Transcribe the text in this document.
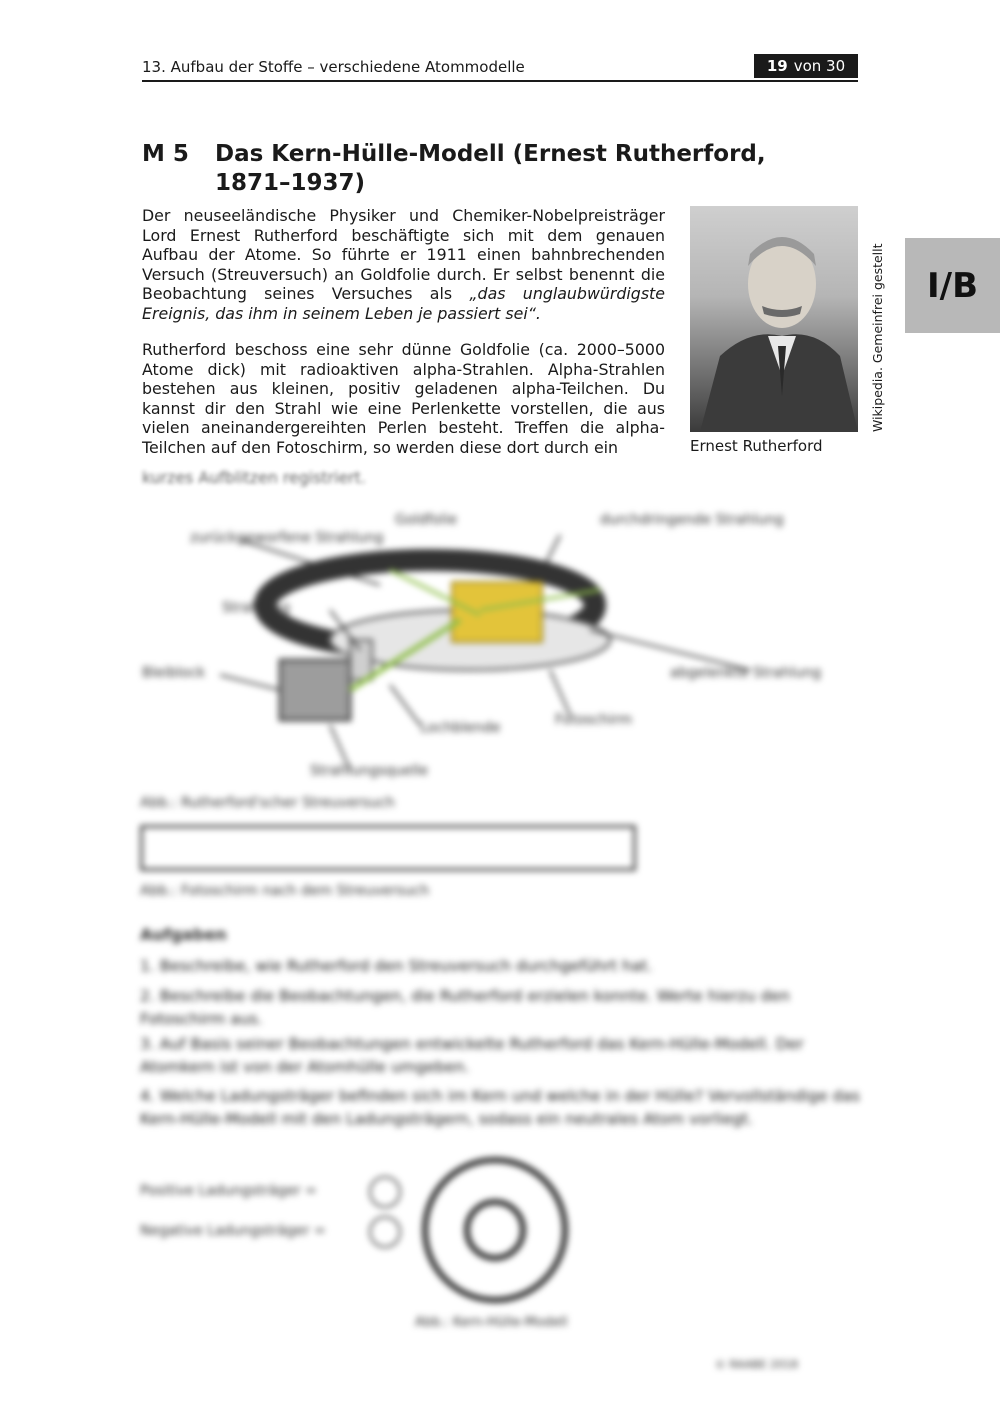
13. Aufbau der Stoffe – verschiedene Atommodelle	19 von 30
I/B
M 5	Das Kern-Hülle-Modell (Ernest Rutherford,
1871–1937)
Der neuseeländische Physiker und Chemiker-Nobelpreisträger Lord Ernest Rutherford beschäftigte sich mit dem genauen Aufbau der Atome. So führte er 1911 einen bahnbrechenden Versuch (Streuversuch) an Goldfolie durch. Er selbst benennt die Beobachtung seines Versuches als „das unglaubwürdigste Ereignis, das ihm in seinem Leben je passiert sei“.
Rutherford beschoss eine sehr dünne Goldfolie (ca. 2000–5000 Atome dick) mit radioaktiven alpha-Strahlen. Alpha-Strahlen bestehen aus kleinen, positiv geladenen alpha-Teilchen. Du kannst dir den Strahl wie eine Perlenkette vorstellen, die aus vielen aneinandergereihten Perlen besteht. Treffen die alpha-Teilchen auf den Fotoschirm, so werden diese dort durch ein
kurzes Aufblitzen registriert.
Ernest Rutherford
Wikipedia. Gemeinfrei gestellt
zurückgeworfene Strahlung
Goldfolie	durchdringende Strahlung
Strahlung
Bleiblock	abgelenkte Strahlung
Lochblende	Fotoschirm
Strahlungsquelle
Abb.: Rutherford'scher Streuversuch
Abb.: Fotoschirm nach dem Streuversuch
Aufgaben
1. Beschreibe, wie Rutherford den Streuversuch durchgeführt hat.
2. Beschreibe die Beobachtungen, die Rutherford erzielen konnte. Werte hierzu den Fotoschirm aus.
3. Auf Basis seiner Beobachtungen entwickelte Rutherford das Kern-Hülle-Modell. Der Atomkern ist von der Atomhülle umgeben.
4. Welche Ladungsträger befinden sich im Kern und welche in der Hülle? Vervollständige das Kern-Hülle-Modell mit den Ladungsträgern, sodass ein neutrales Atom vorliegt.
Positive Ladungsträger =
Negative Ladungsträger =
Abb.: Kern-Hülle-Modell
© RAABE 2018
